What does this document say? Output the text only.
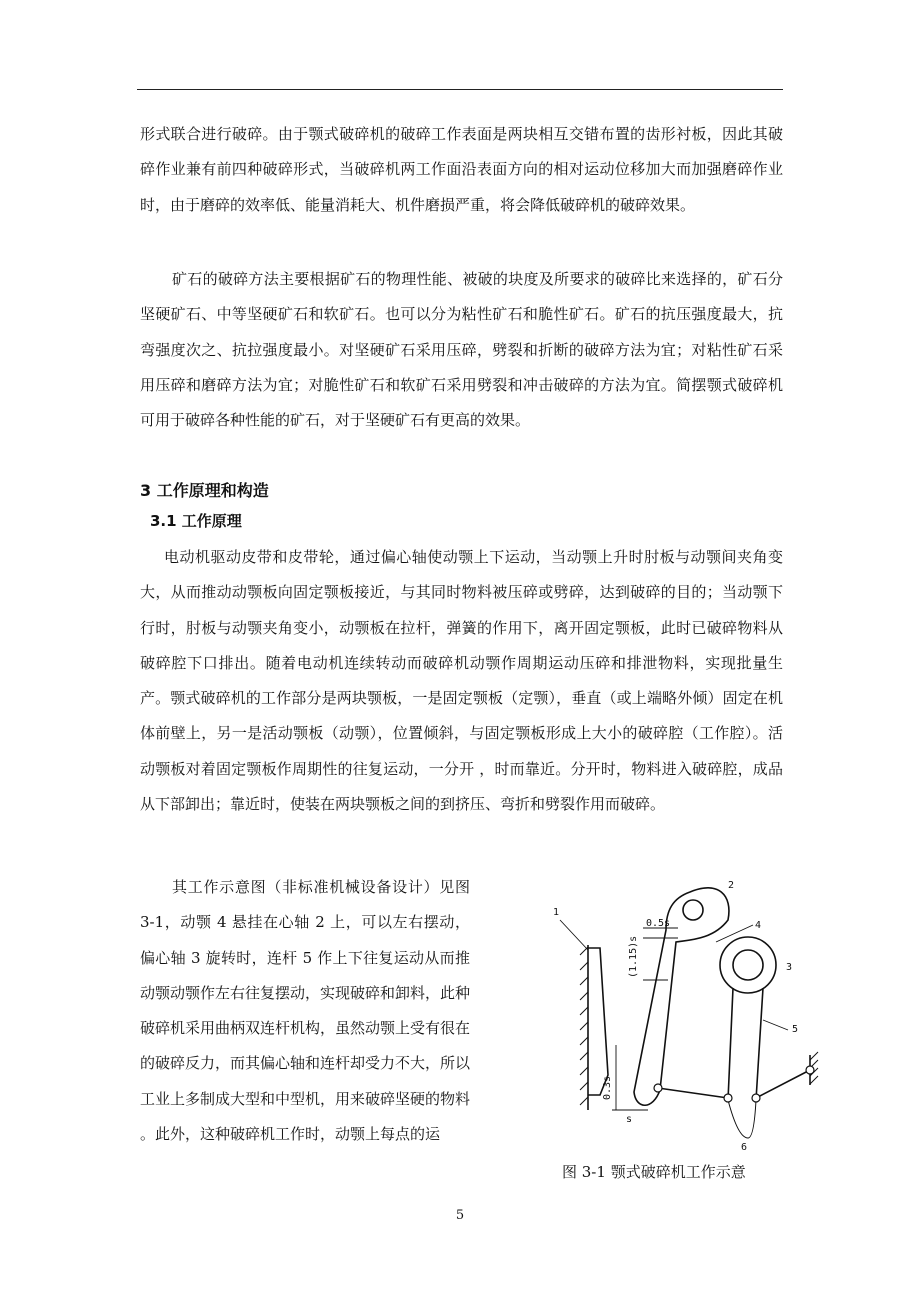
形式联合进行破碎。由于颚式破碎机的破碎工作表面是两块相互交错布置的齿形衬板，因此其破碎作业兼有前四种破碎形式，当破碎机两工作面沿表面方向的相对运动位移加大而加强磨碎作业时，由于磨碎的效率低、能量消耗大、机件磨损严重，将会降低破碎机的破碎效果。

矿石的破碎方法主要根据矿石的物理性能、被破的块度及所要求的破碎比来选择的，矿石分坚硬矿石、中等坚硬矿石和软矿石。也可以分为粘性矿石和脆性矿石。矿石的抗压强度最大，抗弯强度次之、抗拉强度最小。对坚硬矿石采用压碎，劈裂和折断的破碎方法为宜；对粘性矿石采用压碎和磨碎方法为宜；对脆性矿石和软矿石采用劈裂和冲击破碎的方法为宜。简摆颚式破碎机可用于破碎各种性能的矿石，对于坚硬矿石有更高的效果。

3 工作原理和构造
3.1 工作原理

电动机驱动皮带和皮带轮，通过偏心轴使动颚上下运动，当动颚上升时肘板与动颚间夹角变大，从而推动动颚板向固定颚板接近，与其同时物料被压碎或劈碎，达到破碎的目的；当动颚下行时，肘板与动颚夹角变小，动颚板在拉杆，弹簧的作用下，离开固定颚板，此时已破碎物料从破碎腔下口排出。随着电动机连续转动而破碎机动颚作周期运动压碎和排泄物料，实现批量生产。颚式破碎机的工作部分是两块颚板，一是固定颚板（定颚），垂直（或上端略外倾）固定在机体前壁上，另一是活动颚板（动颚），位置倾斜，与固定颚板形成上大小的破碎腔（工作腔）。活动颚板对着固定颚板作周期性的往复运动，一分开 ，时而靠近。分开时，物料进入破碎腔，成品从下部卸出；靠近时，使装在两块颚板之间的到挤压、弯折和劈裂作用而破碎。

其工作示意图（非标准机械设备设计）见图 3-1，动颚 4 悬挂在心轴 2 上，可以左右摆动，偏心轴 3 旋转时，连杆 5 作上下往复运动从而推动颚动颚作左右往复摆动，实现破碎和卸料，此种破碎机采用曲柄双连杆机构，虽然动颚上受有很在的破碎反力，而其偏心轴和连杆却受力不大，所以工业上多制成大型和中型机，用来破碎坚硬的物料 。此外，这种破碎机工作时，动颚上每点的运

1
2
3
4
5
6
0.5s
(1.15)s
0.3s
s

图 3-1 颚式破碎机工作示意

5
